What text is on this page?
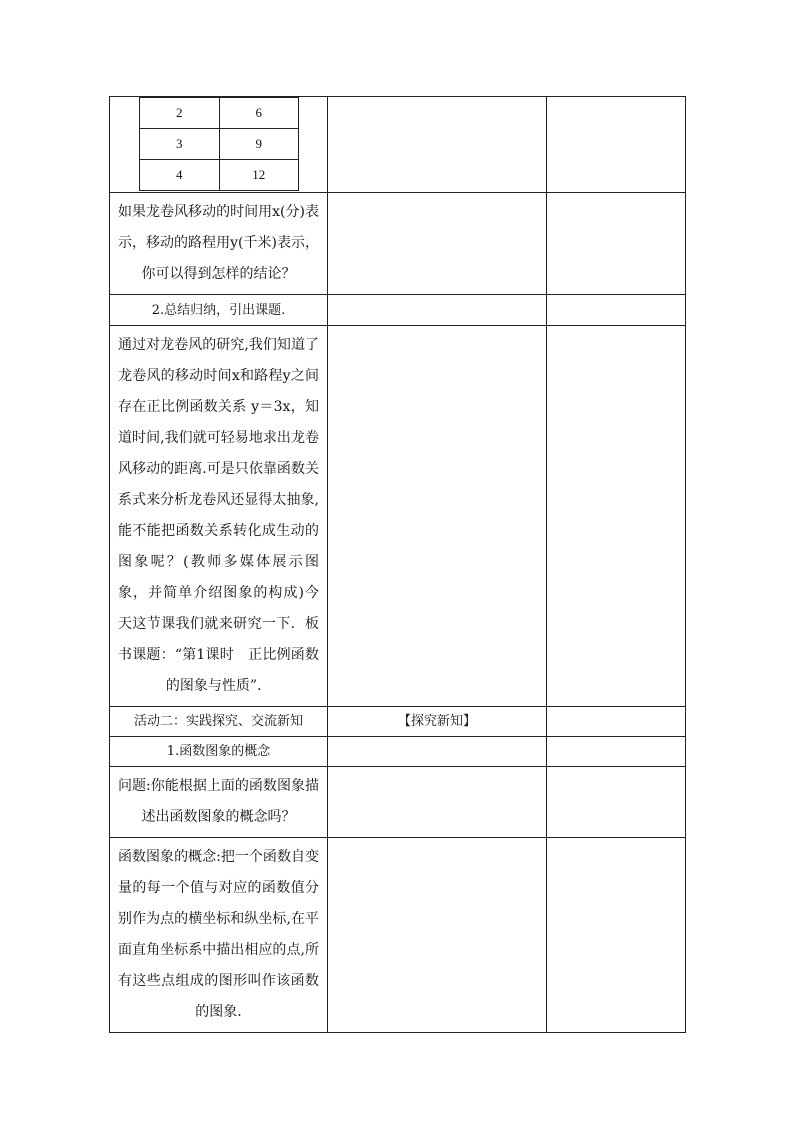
2	6
3	9
4	12

如果龙卷风移动的时间用x(分)表示，移动的路程用y(千米)表示，你可以得到怎样的结论？

2.总结归纳，引出课题.		

通过对龙卷风的研究,我们知道了龙卷风的移动时间x和路程y之间存在正比例函数关系 y＝3x，知道时间,我们就可轻易地求出龙卷风移动的距离.可是只依靠函数关系式来分析龙卷风还显得太抽象,能不能把函数关系转化成生动的图象呢？(教师多媒体展示图象，并简单介绍图象的构成)今天这节课我们就来研究一下．板书课题：“第1课时　正比例函数的图象与性质”．

活动二：实践探究、交流新知	【探究新知】	
1.函数图象的概念		

问题:你能根据上面的函数图象描述出函数图象的概念吗？

函数图象的概念:把一个函数自变量的每一个值与对应的函数值分别作为点的横坐标和纵坐标,在平面直角坐标系中描出相应的点,所有这些点组成的图形叫作该函数的图象.
